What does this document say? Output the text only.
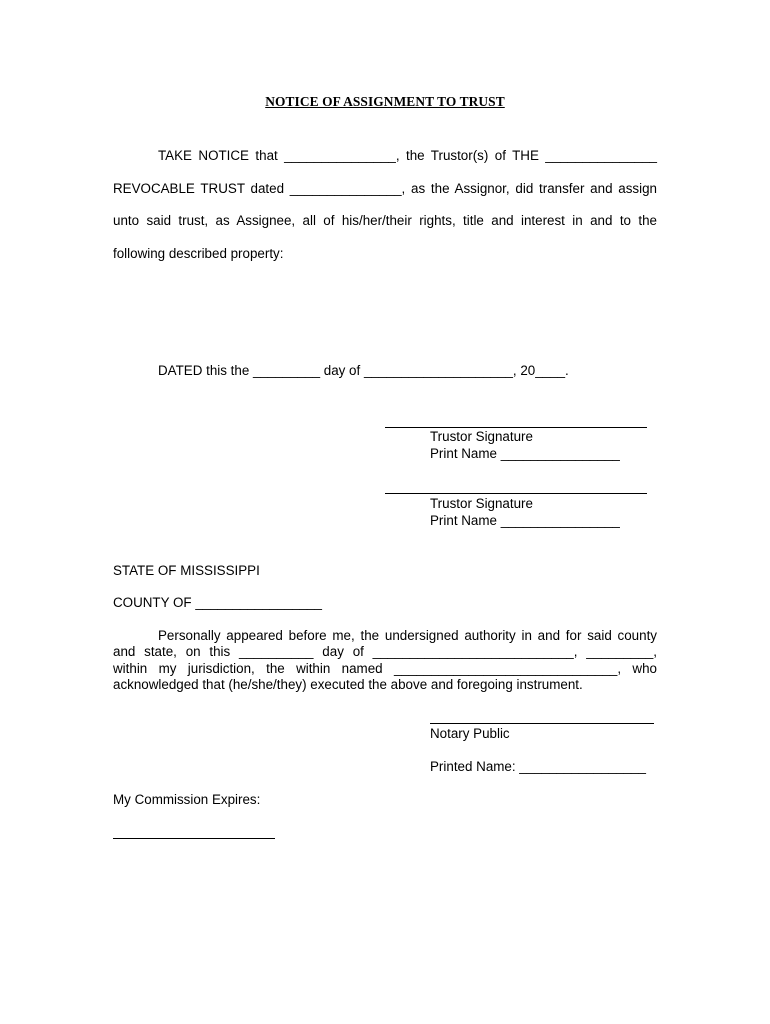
NOTICE OF ASSIGNMENT TO TRUST
TAKE NOTICE that _______________, the Trustor(s) of THE _______________
REVOCABLE TRUST dated _______________, as the Assignor, did transfer and assign
unto said trust, as Assignee, all of his/her/their rights, title and interest in and to the
following described property:
DATED this the _________ day of ____________________, 20____.
Trustor Signature
Print Name ________________
Trustor Signature
Print Name ________________
STATE OF MISSISSIPPI
COUNTY OF _________________
Personally appeared before me, the undersigned authority in and for said county
and state, on this __________ day of ___________________________, _________,
within my jurisdiction, the within named ______________________________, who
acknowledged that (he/she/they) executed the above and foregoing instrument.
Notary Public
Printed Name: _________________
My Commission Expires:
